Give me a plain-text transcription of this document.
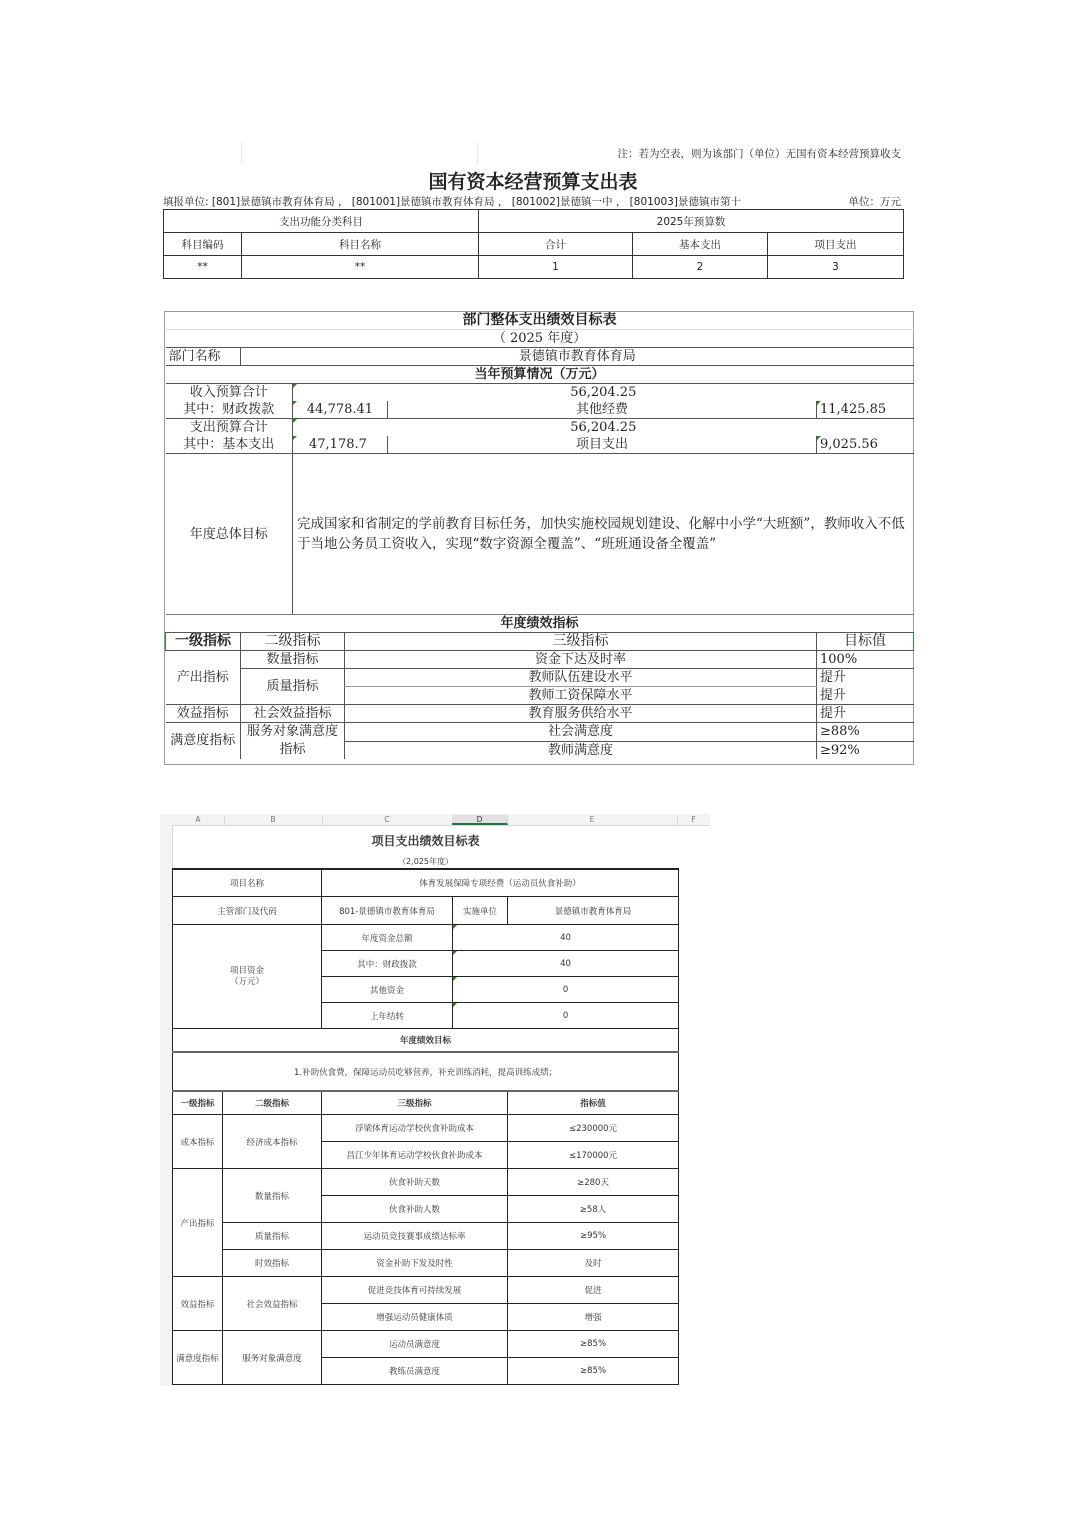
注：若为空表，则为该部门（单位）无国有资本经营预算收支
国有资本经营预算支出表
填报单位: [801]景德镇市教育体育局 ， [801001]景德镇市教育体育局 ， [801002]景德镇一中 ， [801003]景德镇市第十	单位：万元
支出功能分类科目		2025年预算数		
科目编码	科目名称	合计	基本支出	项目支出
**	**	1	2	3
部门整体支出绩效目标表					
（ 2025 年度）					
部门名称	景德镇市教育体育局				
当年预算情况（万元）					
收入预算合计		56,204.25			
其中：财政拨款		44,778.41		其他经费	11,425.85
支出预算合计		56,204.25			
其中：基本支出		47,178.7		项目支出	9,025.56
年度总体目标		完成国家和省制定的学前教育目标任务，加快实施校园规划建设、化解中小学“大班额”，教师收入不低于当地公务员工资收入，实现“数字资源全覆盖”、“班班通设备全覆盖”			
年度绩效指标					
一级指标	二级指标		三级指标		目标值
产出指标	数量指标		资金下达及时率		100%
	质量指标		教师队伍建设水平		提升
			教师工资保障水平		提升
效益指标	社会效益指标		教育服务供给水平		提升
满意度指标	服务对象满意度指标		社会满意度		≥88%
			教师满意度		≥92%
A	B	C	D	E	F
项目支出绩效目标表				
（2,025年度）				
项目名称		体育发展保障专项经费（运动员伙食补助）		
主管部门及代码		801-景德镇市教育体育局	实施单位	景德镇市教育体育局

项目资金
（万元）		年度资金总额	40	
		其中：财政拨款	40	
		其他资金	0	
		上年结转	0	
年度绩效目标				
1.补助伙食费，保障运动员吃够营养，补充训练消耗，提高训练成绩；				
一级指标	二级指标	三级指标		指标值
成本指标	经济成本指标	浮梁体育运动学校伙食补助成本		≤230000元
		昌江少年体育运动学校伙食补助成本		≤170000元
产出指标	数量指标	伙食补助天数		≥280天
		伙食补助人数		≥58人
	质量指标	运动员竞技赛事成绩达标率		≥95%
	时效指标	资金补助下发及时性		及时
效益指标	社会效益指标	促进竞技体育可持续发展		促进
		增强运动员健康体质		增强
满意度指标	服务对象满意度	运动员满意度		≥85%
		教练员满意度		≥85%
